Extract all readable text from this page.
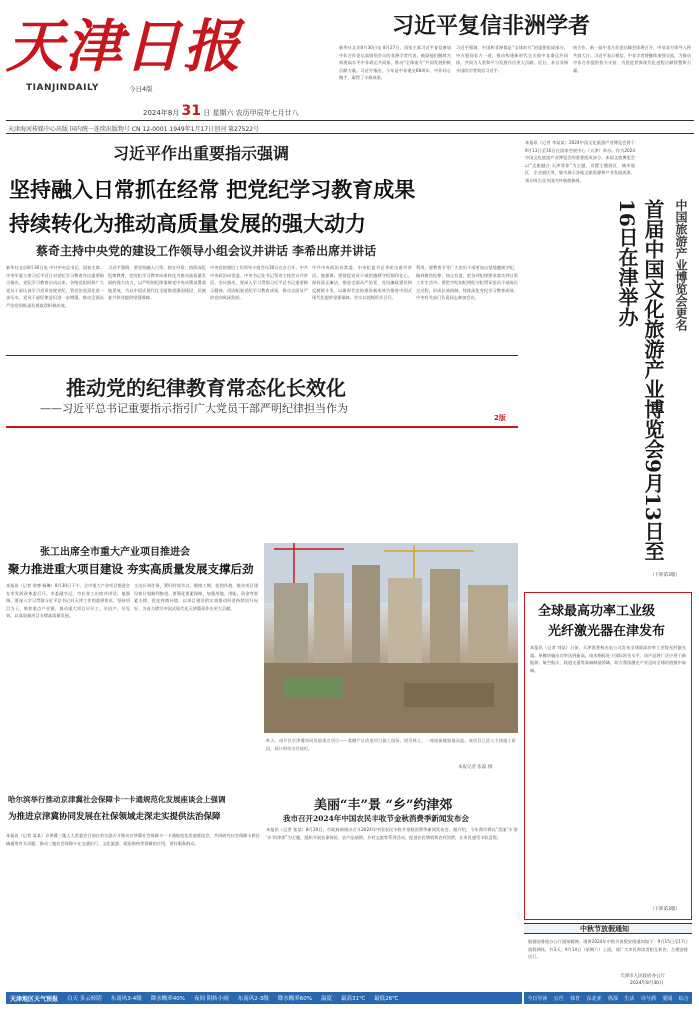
天津日报
TIANJINDAILY	今日4版
2024年8月 31 日 星期六 农历甲辰年七月廿八
天津海河传媒中心出版 国内统一连续出版物号 CN 12-0001 1949年1月17日创刊 第27522号
习近平复信非洲学者
新华社北京8月30日电 8月27日，国家主席习近平复信参加中非合作论坛高级别会议的非洲学者代表，鼓励他们继续为构建高水平中非命运共同体、推动“全球南方”共同发展积极贡献力量。习近平指出，今年是中非建交68周年，中非同心携手，取得了丰硕成果。
习近平强调，中国和非洲都是“全球南方”的重要组成部分。中方愿同非方一道，推动构建新时代全天候中非命运共同体，共同为人类和平与发展作出更大贡献。近日，来自非洲多国的学者致信习近平。
结合作。新一届中非合作论坛峰会即将召开，中非双方领导人将共商大计。习近平表示相信，中非学者将继续加强交流，为推动中非合作提供智力支持，为促进世界现代化进程贡献智慧和力量。
习近平作出重要指示强调
坚持融入日常抓在经常 把党纪学习教育成果
持续转化为推动高质量发展的强大动力
蔡奇主持中央党的建设工作领导小组会议并讲话 李希出席并讲话
新华社北京8月30日电 中共中央总书记、国家主席、中央军委主席习近平近日对党纪学习教育作出重要指示指出，党纪学习教育启动以来，各级党组织和广大党员干部认真学习党章党规党纪，管党治党责任进一步压实，党员干部纪律意识进一步增强，推动全面从严治党向纵深发展取得积极成效。
习近平强调，要坚持融入日常、抓在经常，持续深化纪律教育，把党纪学习教育成果转化为推动高质量发展的强大动力，以严明的纪律保障党中央决策部署落地见效，为以中国式现代化全面推进强国建设、民族复兴伟业提供坚强保障。
中央党的建设工作领导小组会议30日在京召开，中共中央政治局常委、中央书记处书记蔡奇主持会议并讲话。会议指出，要深入学习贯彻习近平总书记重要指示精神，巩固拓展党纪学习教育成果，推动全面从严治党向纵深发展。
中共中央政治局常委、中央纪委书记李希出席并讲话。他强调，要督促党员干部把遵规守纪刻印在心，保持清正廉洁，推进全面从严治党、党风廉政建设和反腐败斗争，以新时代党的建设新成效为推进中国式现代化提供坚强保障。会议以视频形式召开。
利用，要教育引导广大党员干部更加自觉地遵规守纪，做到敬畏纪律、知止有度，把各项纪律要求落实到日常工作生活中。要把学纪知纪明纪守纪贯穿党员干部成长全过程，形成长效机制，持续深化党纪学习教育成效。中央有关部门负责同志参加会议。
推动党的纪律教育常态化长效化
——习近平总书记重要指示指引广大党员干部严明纪律担当作为
2版
张工出席全市重大产业项目推进会
聚力推进重大项目建设 夯实高质量发展支撑后劲
本报讯（记者 余博 杨琳）8月30日下午，全市重大产业项目推进会在市发展改革委召开。市委副书记、市长张工出席并讲话。他强调，要深入学习贯彻习近平总书记对天津工作的重要要求，坚持项目为王，聚焦重点产业链，推动重大项目早开工、早投产、早见效，以高质量项目支撑高质量发展。
主动认领任务，紧盯时间节点，倒排工期、挂图作战，推动项目建设按计划顺利推进。要强化要素保障，加强用地、用能、资金等要素支撑，优化营商环境，以项目建设的实效推动经济持续回升向好，为奋力谱写中国式现代化天津篇章作出更大贡献。
昨天，南开区京津冀协同发展重点项目——某棚户区改造项目施工现场，塔吊林立，一座座新楼拔地而起。该项目已进入主体施工阶段，预计明年交付使用。
本报记者 张磊 摄
美丽“丰”景 “乡”约津郊
我市召开2024年中国农民丰收节金秋消费季新闻发布会
本报讯（记者 张某）8月30日，市政府新闻办召开2024年中国农民丰收节金秋消费季新闻发布会。据介绍，今年我市将以“美丽‘丰’景 ‘乡’约津郊”为主题，组织开展农事体验、农产品展销、乡村文旅等系列活动，促进农民增收和农村消费，让市民感受丰收喜悦。
哈尔滨举行推动京津冀社会保障卡一卡通规范化发展座谈会上强调
为推进京津冀协同发展在社保领域走深走实提供法治保障
本报讯（记者 某某）京津冀三地人大常委会日前在哈尔滨召开推动京津冀社会保障卡一卡通规范化发展座谈会，共同研究社会保障卡跨区域通用有关问题，推动三地社会保障卡在交通出行、文化旅游、就医购药等领域的应用，更好服务群众。
本报讯（记者 李某某）2024中国文化旅游产业博览会将于9月13日至16日在国家会展中心（天津）举办。作为2024中国文化旅游产业博览会的重要组成部分，本届文旅博览会以“文旅融合·天津等你”为主题，设置主题展区、城市展区、企业展区等，集中展示各地文旅资源和产业发展成果，预计吸引众多国内外展商参展。
首届中国文化旅游产业博览会9月13日至16日在津举办	中国旅游产业博览会更名
（下转第3版）
全球最高功率工业级
光纤激光器在津发布
本报讯（记者 刘某）日前，天津凯普林光电公司发布全球最高功率工业级光纤激光器，单模块输出功率达到新高，技术指标处于国际领先水平。该产品将广泛应用于新能源、航空航天、轨道交通等高端制造领域，助力我国激光产业迈向全球价值链中高端。
（下转第3版）
中秋节放假通知
根据国务院办公厅通知精神，现将2024年中秋节放假安排通知如下：9月15日至17日放假调休，共3天。9月14日（星期六）上班。请广大市民和读者相互转告，合理安排出行。
天津市人民政府办公厅
2024年8月30日
天津地区天气预报 白天 多云转阴 东南风3-4级 降水概率40% 夜间 阴转小雨 东南风2-3级 降水概率60% 温度 最高31℃ 最低26℃	今日导读 公告 体育 东北亚 纵深 生活 诗与酒 要闻 综合
